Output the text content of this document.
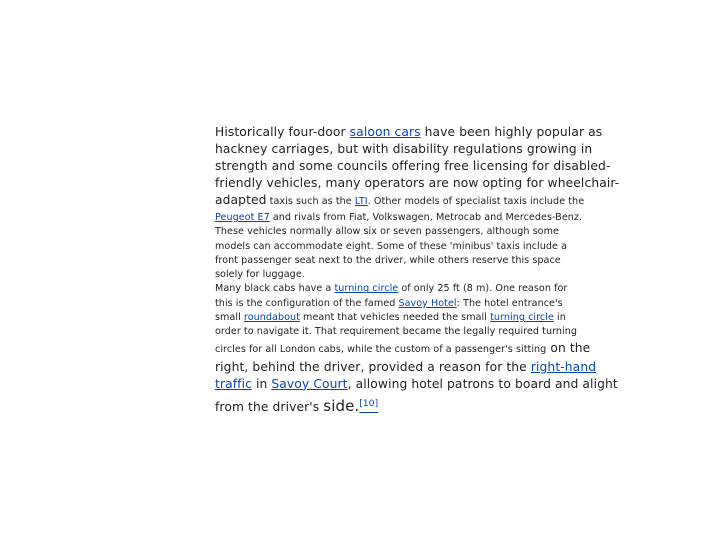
Historically four-door saloon cars have been highly popular as
hackney carriages, but with disability regulations growing in
strength and some councils offering free licensing for disabled-
friendly vehicles, many operators are now opting for wheelchair-
adapted taxis such as the LTI. Other models of specialist taxis include the
Peugeot E7 and rivals from Fiat, Volkswagen, Metrocab and Mercedes-Benz.
These vehicles normally allow six or seven passengers, although some
models can accommodate eight. Some of these 'minibus' taxis include a
front passenger seat next to the driver, while others reserve this space
solely for luggage.
Many black cabs have a turning circle of only 25 ft (8 m). One reason for
this is the configuration of the famed Savoy Hotel: The hotel entrance's
small roundabout meant that vehicles needed the small turning circle in
order to navigate it. That requirement became the legally required turning
circles for all London cabs, while the custom of a passenger's sitting on the
right, behind the driver, provided a reason for the right-hand
traffic in Savoy Court, allowing hotel patrons to board and alight
from the driver's side.[10]
